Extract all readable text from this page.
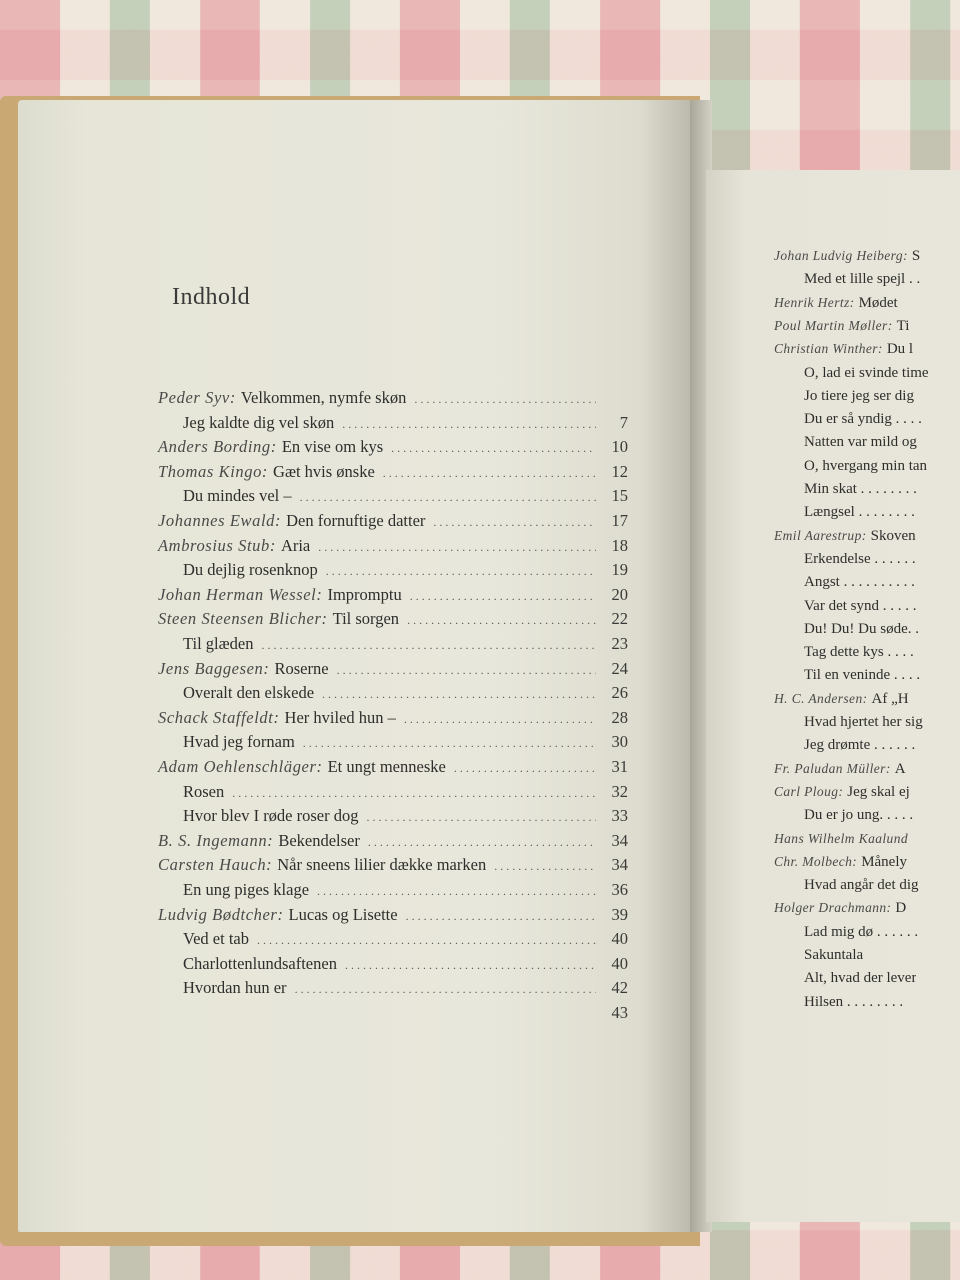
Indhold
Peder Syv: Velkommen, nymfe skøn
.....
Jeg kaldte dig vel skøn .....	7
Anders Bording: En vise om kys .....	10
Thomas Kingo: Gæt hvis ønske .....	12
Du mindes vel – .....	15
Johannes Ewald: Den fornuftige datter .....	17
Ambrosius Stub: Aria .....	18
Du dejlig rosenknop .....	19
Johan Herman Wessel: Impromptu .....	20
Steen Steensen Blicher: Til sorgen .....	22
Til glæden .....	23
Jens Baggesen: Roserne .....	24
Overalt den elskede .....	26
Schack Staffeldt: Her hviled hun – .....	28
Hvad jeg fornam .....	30
Adam Oehlenschläger: Et ungt menneske .....	31
Rosen .....	32
Hvor blev I røde roser dog .....	33
B. S. Ingemann: Bekendelser .....	34
Carsten Hauch: Når sneens lilier dække marken .....	34
En ung piges klage .....	36
Ludvig Bødtcher: Lucas og Lisette .....	39
Ved et tab .....	40
Charlottenlundsaftenen .....	40
Hvordan hun er .....	42
43
Johan Ludvig Heiberg: S
Med et lille spejl . .
Henrik Hertz: Mødet
Poul Martin Møller: Ti
Christian Winther: Du l
O, lad ei svinde time
Jo tiere jeg ser dig
Du er så yndig . . . .
Natten var mild og
O, hvergang min tan
Min skat . . . . . . . .
Længsel . . . . . . . .
Emil Aarestrup: Skoven
Erkendelse . . . . . .
Angst . . . . . . . . . .
Var det synd . . . . .
Du! Du! Du søde. .
Tag dette kys . . . .
Til en veninde . . . .
H. C. Andersen: Af „H
Hvad hjertet her sig
Jeg drømte . . . . . .
Fr. Paludan Müller: A
Carl Ploug: Jeg skal ej
Du er jo ung. . . . .
Hans Wilhelm Kaalund
Chr. Molbech: Månely
Hvad angår det dig
Holger Drachmann: D
Lad mig dø . . . . . .
Sakuntala
Alt, hvad der lever
Hilsen . . . . . . . .
